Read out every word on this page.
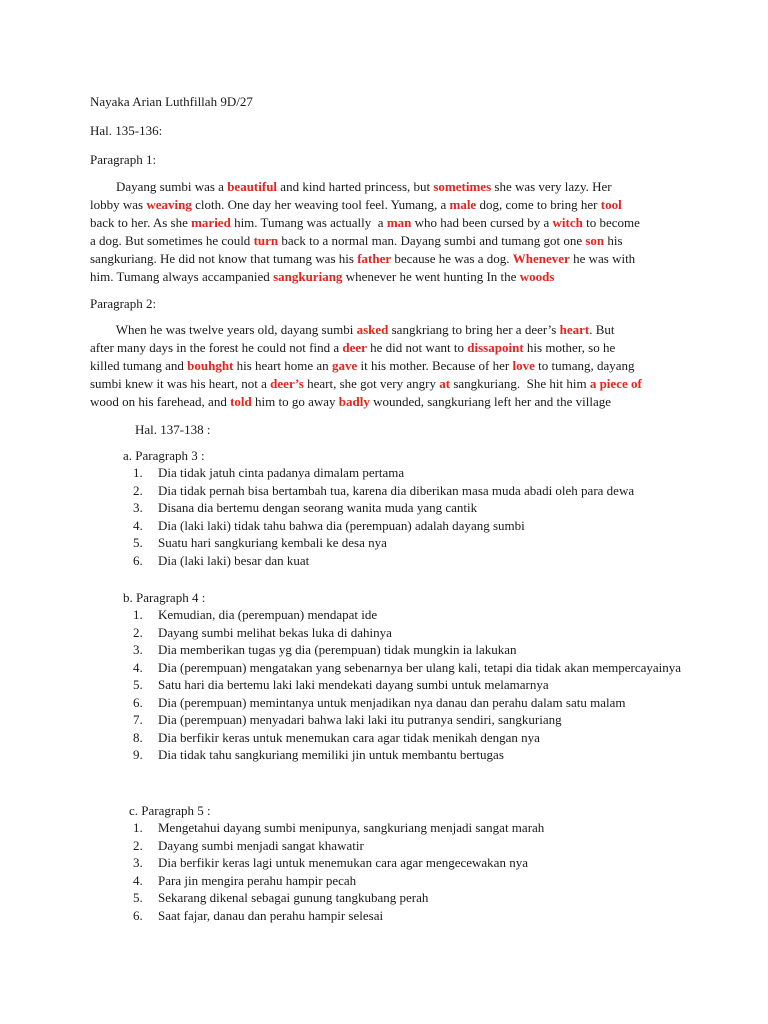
Nayaka Arian Luthfillah 9D/27
Hal. 135-136:
Paragraph 1:
Dayang sumbi was a beautiful and kind harted princess, but sometimes she was very lazy. Her
lobby was weaving cloth. One day her weaving tool feel. Yumang, a male dog, come to bring her tool
back to her. As she maried him. Tumang was actually  a man who had been cursed by a witch to become
a dog. But sometimes he could turn back to a normal man. Dayang sumbi and tumang got one son his
sangkuriang. He did not know that tumang was his father because he was a dog. Whenever he was with
him. Tumang always accampanied sangkuriang whenever he went hunting In the woods
Paragraph 2:
When he was twelve years old, dayang sumbi asked sangkriang to bring her a deer’s heart. But
after many days in the forest he could not find a deer he did not want to dissapoint his mother, so he
killed tumang and bouhght his heart home an gave it his mother. Because of her love to tumang, dayang
sumbi knew it was his heart, not a deer’s heart, she got very angry at sangkuriang.  She hit him a piece of
wood on his farehead, and told him to go away badly wounded, sangkuriang left her and the village
Hal. 137-138 :
a. Paragraph 3 :
1.	Dia tidak jatuh cinta padanya dimalam pertama
2.	Dia tidak pernah bisa bertambah tua, karena dia diberikan masa muda abadi oleh para dewa
3.	Disana dia bertemu dengan seorang wanita muda yang cantik
4.	Dia (laki laki) tidak tahu bahwa dia (perempuan) adalah dayang sumbi
5.	Suatu hari sangkuriang kembali ke desa nya
6.	Dia (laki laki) besar dan kuat
b. Paragraph 4 :
1.	Kemudian, dia (perempuan) mendapat ide
2.	Dayang sumbi melihat bekas luka di dahinya
3.	Dia memberikan tugas yg dia (perempuan) tidak mungkin ia lakukan
4.	Dia (perempuan) mengatakan yang sebenarnya ber ulang kali, tetapi dia tidak akan mempercayainya
5.	Satu hari dia bertemu laki laki mendekati dayang sumbi untuk melamarnya
6.	Dia (perempuan) memintanya untuk menjadikan nya danau dan perahu dalam satu malam
7.	Dia (perempuan) menyadari bahwa laki laki itu putranya sendiri, sangkuriang
8.	Dia berfikir keras untuk menemukan cara agar tidak menikah dengan nya
9.	Dia tidak tahu sangkuriang memiliki jin untuk membantu bertugas
c. Paragraph 5 :
1.	Mengetahui dayang sumbi menipunya, sangkuriang menjadi sangat marah
2.	Dayang sumbi menjadi sangat khawatir
3.	Dia berfikir keras lagi untuk menemukan cara agar mengecewakan nya
4.	Para jin mengira perahu hampir pecah
5.	Sekarang dikenal sebagai gunung tangkubang perah
6.	Saat fajar, danau dan perahu hampir selesai
